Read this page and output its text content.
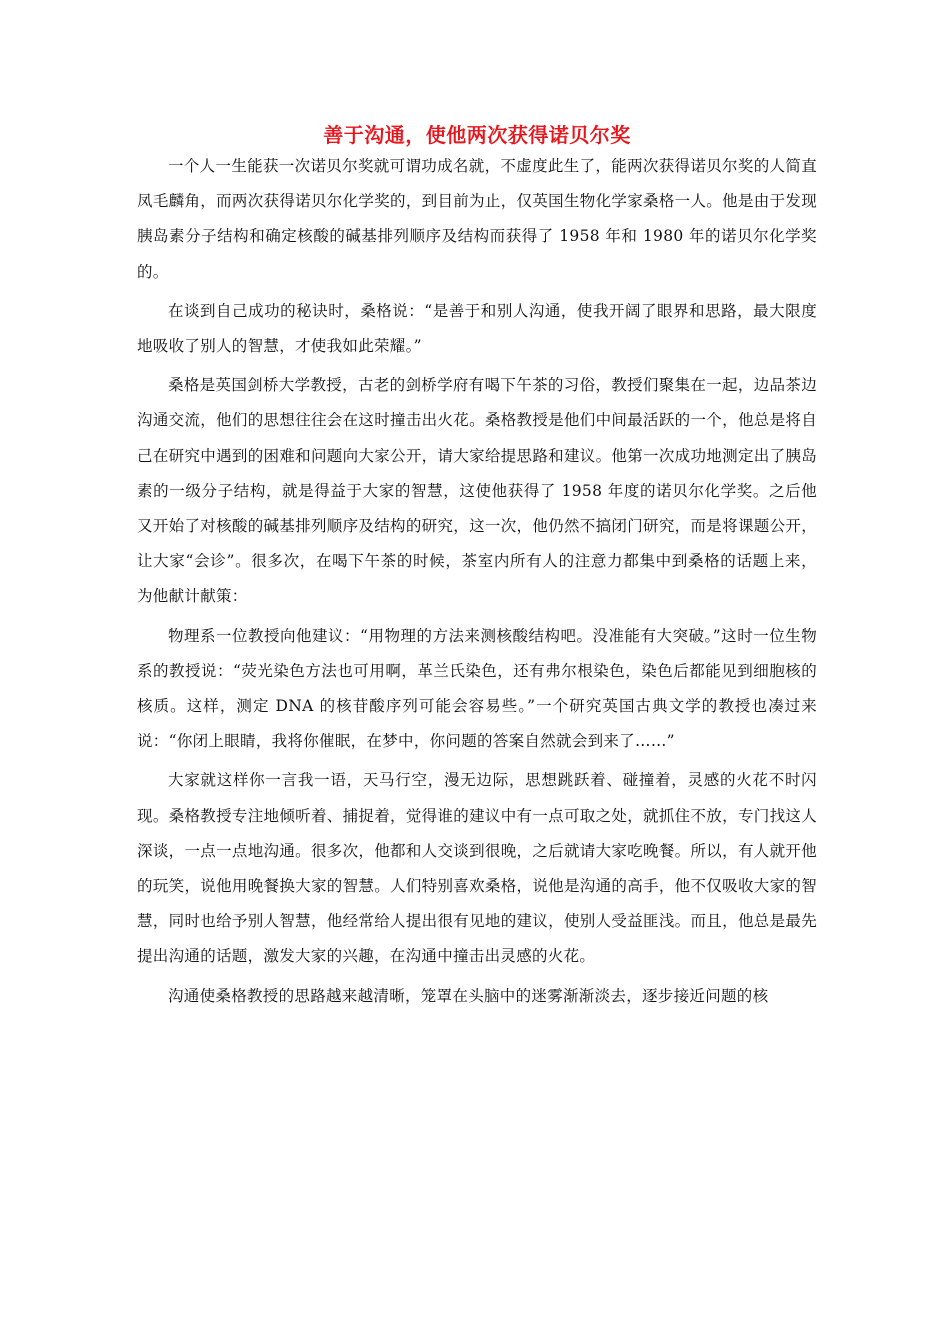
善于沟通，使他两次获得诺贝尔奖

一个人一生能获一次诺贝尔奖就可谓功成名就，不虚度此生了，能两次获得诺贝尔奖的人简直凤毛麟角，而两次获得诺贝尔化学奖的，到目前为止，仅英国生物化学家桑格一人。他是由于发现胰岛素分子结构和确定核酸的碱基排列顺序及结构而获得了 1958 年和 1980 年的诺贝尔化学奖的。

在谈到自己成功的秘诀时，桑格说：“是善于和别人沟通，使我开阔了眼界和思路，最大限度地吸收了别人的智慧，才使我如此荣耀。”

桑格是英国剑桥大学教授，古老的剑桥学府有喝下午茶的习俗，教授们聚集在一起，边品茶边沟通交流，他们的思想往往会在这时撞击出火花。桑格教授是他们中间最活跃的一个，他总是将自己在研究中遇到的困难和问题向大家公开，请大家给提思路和建议。他第一次成功地测定出了胰岛素的一级分子结构，就是得益于大家的智慧，这使他获得了 1958 年度的诺贝尔化学奖。之后他又开始了对核酸的碱基排列顺序及结构的研究，这一次，他仍然不搞闭门研究，而是将课题公开，让大家“会诊”。很多次，在喝下午茶的时候，茶室内所有人的注意力都集中到桑格的话题上来，为他献计献策：

物理系一位教授向他建议：“用物理的方法来测核酸结构吧。没准能有大突破。”这时一位生物系的教授说：“荧光染色方法也可用啊，革兰氏染色，还有弗尔根染色，染色后都能见到细胞核的核质。这样，测定 DNA 的核苷酸序列可能会容易些。”一个研究英国古典文学的教授也凑过来说：“你闭上眼睛，我将你催眠，在梦中，你问题的答案自然就会到来了……”

大家就这样你一言我一语，天马行空，漫无边际，思想跳跃着、碰撞着，灵感的火花不时闪现。桑格教授专注地倾听着、捕捉着，觉得谁的建议中有一点可取之处，就抓住不放，专门找这人深谈，一点一点地沟通。很多次，他都和人交谈到很晚，之后就请大家吃晚餐。所以，有人就开他的玩笑，说他用晚餐换大家的智慧。人们特别喜欢桑格，说他是沟通的高手，他不仅吸收大家的智慧，同时也给予别人智慧，他经常给人提出很有见地的建议，使别人受益匪浅。而且，他总是最先提出沟通的话题，激发大家的兴趣，在沟通中撞击出灵感的火花。

沟通使桑格教授的思路越来越清晰，笼罩在头脑中的迷雾渐渐淡去，逐步接近问题的核
